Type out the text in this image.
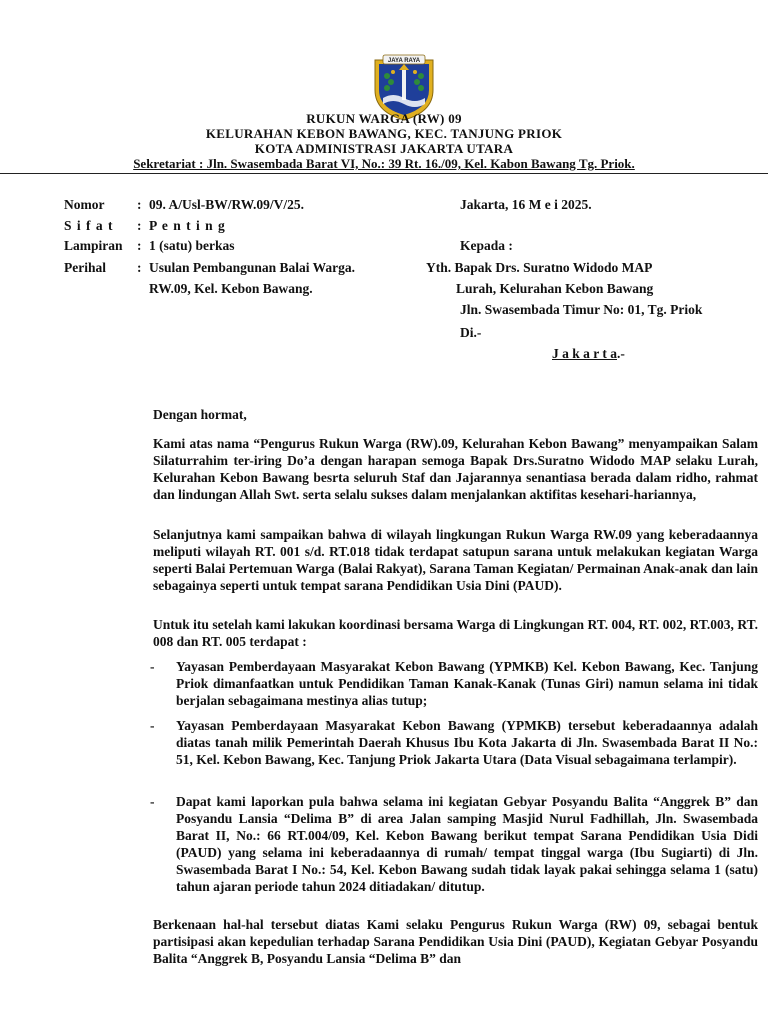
JAYA RAYA
RUKUN WARGA (RW) 09
KELURAHAN KEBON BAWANG, KEC. TANJUNG PRIOK
KOTA ADMINISTRASI JAKARTA UTARA
Sekretariat : Jln. Swasembada Barat VI, No.: 39 Rt. 16./09, Kel. Kabon Bawang Tg. Priok.
Nomor : 09. A/Usl-BW/RW.09/V/25.
S i f a t : P e n t i n g
Lampiran : 1 (satu) berkas
Perihal : Usulan Pembangunan Balai Warga.
RW.09, Kel. Kebon Bawang.
Jakarta, 16 M e i 2025.
Kepada :
Yth. Bapak Drs. Suratno Widodo MAP
Lurah, Kelurahan Kebon Bawang
Jln. Swasembada Timur No: 01, Tg. Priok
Di.-
J a k a r t a.-
Dengan hormat,

Kami atas nama “Pengurus Rukun Warga (RW).09, Kelurahan Kebon Bawang” menyampaikan Salam Silaturrahim ter-iring Do’a dengan harapan semoga Bapak Drs.Suratno Widodo MAP selaku Lurah, Kelurahan Kebon Bawang besrta seluruh Staf dan Jajarannya senantiasa berada dalam ridho, rahmat dan lindungan Allah Swt. serta selalu sukses dalam menjalankan aktifitas kesehari-hariannya,

Selanjutnya kami sampaikan bahwa di wilayah lingkungan Rukun Warga RW.09 yang keberadaannya meliputi wilayah RT. 001 s/d. RT.018 tidak terdapat satupun sarana untuk melakukan kegiatan Warga seperti Balai Pertemuan Warga (Balai Rakyat), Sarana Taman Kegiatan/ Permainan Anak-anak dan lain sebagainya seperti untuk tempat sarana Pendidikan Usia Dini (PAUD).

Untuk itu setelah kami lakukan koordinasi bersama Warga di Lingkungan RT. 004, RT. 002, RT.003, RT. 008 dan RT. 005 terdapat :

- Yayasan Pemberdayaan Masyarakat Kebon Bawang (YPMKB) Kel. Kebon Bawang, Kec. Tanjung Priok dimanfaatkan untuk Pendidikan Taman Kanak-Kanak (Tunas Giri) namun selama ini tidak berjalan sebagaimana mestinya alias tutup;
- Yayasan Pemberdayaan Masyarakat Kebon Bawang (YPMKB) tersebut keberadaannya adalah diatas tanah milik Pemerintah Daerah Khusus Ibu Kota Jakarta di Jln. Swasembada Barat II No.: 51, Kel. Kebon Bawang, Kec. Tanjung Priok Jakarta Utara (Data Visual sebagaimana terlampir).
- Dapat kami laporkan pula bahwa selama ini kegiatan Gebyar Posyandu Balita “Anggrek B” dan Posyandu Lansia “Delima B” di area Jalan samping Masjid Nurul Fadhillah, Jln. Swasembada Barat II, No.: 66 RT.004/09, Kel. Kebon Bawang berikut tempat Sarana Pendidikan Usia Didi (PAUD) yang selama ini keberadaannya di rumah/ tempat tinggal warga (Ibu Sugiarti) di Jln. Swasembada Barat I No.: 54, Kel. Kebon Bawang sudah tidak layak pakai sehingga selama 1 (satu) tahun ajaran periode tahun 2024 ditiadakan/ ditutup.

Berkenaan hal-hal tersebut diatas Kami selaku Pengurus Rukun Warga (RW) 09, sebagai bentuk partisipasi akan kepedulian terhadap Sarana Pendidikan Usia Dini (PAUD), Kegiatan Gebyar Posyandu Balita “Anggrek B, Posyandu Lansia “Delima B” dan
